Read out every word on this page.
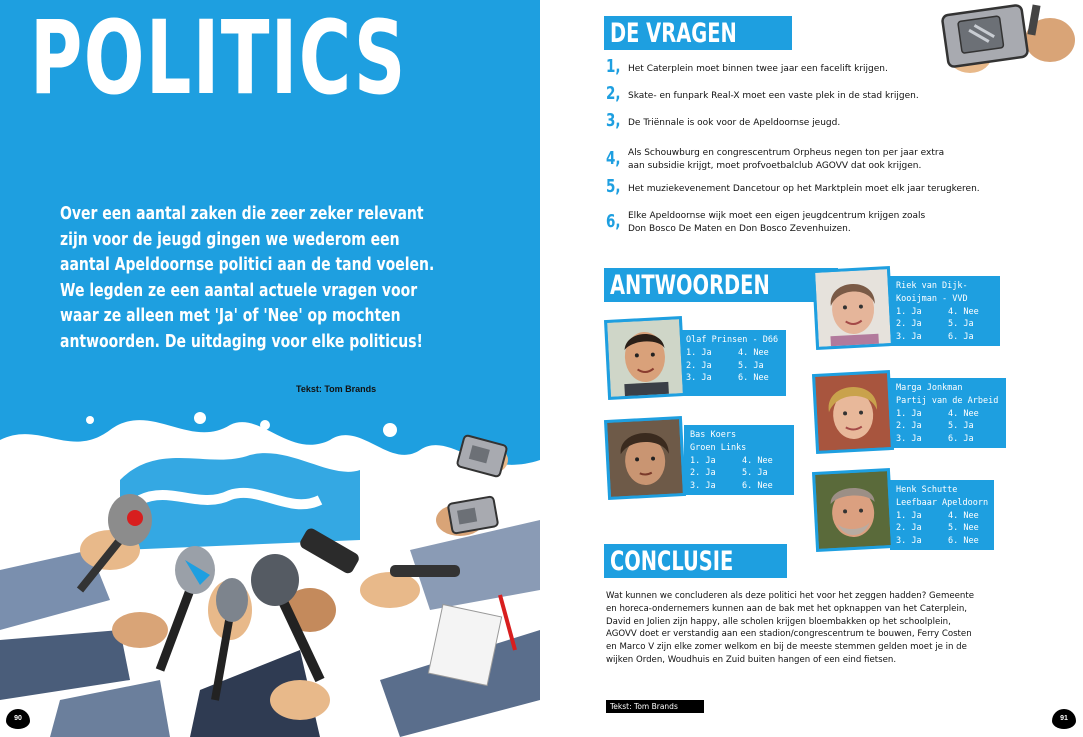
POLITICS
Over een aantal zaken die zeer zeker relevant
zijn voor de jeugd gingen we wederom een
aantal Apeldoornse politici aan de tand voelen.
We legden ze een aantal actuele vragen voor
waar ze alleen met 'Ja' of 'Nee' op mochten
antwoorden. De uitdaging voor elke politicus!
Tekst: Tom Brands
90
DE VRAGEN
1, Het Caterplein moet binnen twee jaar een facelift krijgen.
2, Skate- en funpark Real-X moet een vaste plek in de stad krijgen.
3, De Triënnale is ook voor de Apeldoornse jeugd.
4, Als Schouwburg en congrescentrum Orpheus negen ton per jaar extra
aan subsidie krijgt, moet profvoetbalclub AGOVV dat ook krijgen.
5, Het muziekevenement Dancetour op het Marktplein moet elk jaar terugkeren.
6, Elke Apeldoornse wijk moet een eigen jeugdcentrum krijgen zoals
Don Bosco De Maten en Don Bosco Zevenhuizen.
ANTWOORDEN
Olaf Prinsen - D66
1. Ja	4. Nee
2. Ja	5. Ja
3. Ja	6. Nee
Bas Koers
Groen Links
1. Ja	4. Nee
2. Ja	5. Ja
3. Ja	6. Nee
Riek van Dijk-
Kooijman - VVD
1. Ja	4. Nee
2. Ja	5. Ja
3. Ja	6. Ja
Marga Jonkman
Partij van de Arbeid
1. Ja	4. Nee
2. Ja	5. Ja
3. Ja	6. Ja
Henk Schutte
Leefbaar Apeldoorn
1. Ja	4. Nee
2. Ja	5. Nee
3. Ja	6. Nee
CONCLUSIE
Wat kunnen we concluderen als deze politici het voor het zeggen hadden? Gemeente
en horeca-ondernemers kunnen aan de bak met het opknappen van het Caterplein,
David en Jolien zijn happy, alle scholen krijgen bloembakken op het schoolplein,
AGOVV doet er verstandig aan een stadion/congrescentrum te bouwen, Ferry Costen
en Marco V zijn elke zomer welkom en bij de meeste stemmen gelden moet je in de
wijken Orden, Woudhuis en Zuid buiten hangen of een eind fietsen.
Tekst: Tom Brands
91
